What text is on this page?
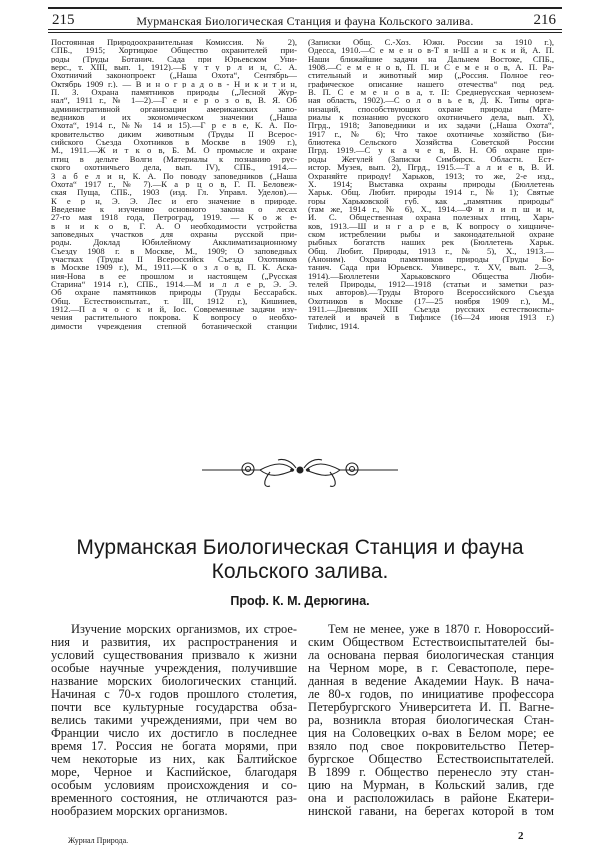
215	Мурманская Биологическая Станция и фауна Кольского залива.	216
Постоянная Природоохранительная Комиссия. № 2),
СПБ., 1915; Хортицкое Общество охранителей при-
роды (Труды Ботанич. Сада при Юрьевском Уни-
верс., т. XIII, вып. 1, 1912).—Б у т у р л и н, С. А.
Охотничий законопроект („Наша Охота“, Сентябрь—
Октябрь 1909 г.). — В и н о г р а д о в - Н и к и т и н,
П. З. Охрана памятников природы („Лесной Жур-
нал“, 1911 г., № 1—2).—Г е н е р о з о в, В. Я. Об
административной организации американских запо-
ведников и их экономическом значении („Наша
Охота“, 1914 г., №№ 14 и 15).—Г р е в е, К. А. По-
кровительство диким животным (Труды II Всерос-
сийского Съезда Охотников в Москве в 1909 г.),
М., 1911.—Ж и т к о в, Б. М. О промысле и охране
птиц в дельте Волги (Материалы к познанию рус-
ского охотничьего дела, вып. IV), СПБ., 1914.—
З а б е л и н, К. А. По поводу заповедников („Наша
Охота“ 1917 г., № 7).—К а р ц о в, Г. П. Беловеж-
ская Пуща, СПБ., 1903 (изд. Гл. Управл. Уделов).—
К е р н, Э. Э. Лес и его значение в природе.
Введение к изучению основного закона о лесах
27-го мая 1918 года, Петроград, 1919. — К о ж е-
в н и к о в, Г. А. О необходимости устройства
заповедных участков для охраны русской при-
роды. Доклад Юбилейному Акклиматизационному
Съезду 1908 г. в Москве, М., 1909; О заповедных
участках (Труды II Всероссийск Съезда Охотников
в Москве 1909 г.), М., 1911.—К о з л о в, П. К. Аска-
ния-Нова в ее прошлом и настоящем („Русская
Старина“ 1914 г.), СПБ., 1914.—М и л л е р, Э. Э.
Об охране памятников природы (Труды Бессарабск.
Общ. Естествоиспытат., т. III, 1912 г.), Кишинев,
1912.—П а ч о с к и й, Іос. Современные задачи изу-
чения растительного покрова. К вопросу о необхо-
димости учреждения степной ботанической станции
(Записки Общ. С.-Хоз. Южн. России за 1910 г.),
Одесса, 1910.—С е м е н о в-Т я н-Ш а н с к и й, А. П.
Наши ближайшие задачи на Дальнем Востоке, СПБ.,
1908.—С е м е н о в, П. П. и С е м е н о в, А. П. Ра-
стительный и животный мир („Россия. Полное гео-
графическое описание нашего отечества“ под ред.
В. П. С е м е н о в а, т. II: Среднерусская чернозем-
ная область, 1902).—С о л о в ь е в, Д. К. Типы орга-
низаций, способствующих охране природы (Мате-
риалы к познанию русского охотничьего дела, вып. X),
Пгрд., 1918; Заповедники и их задачи („Наша Охота“,
1917 г., № 6); Что такое охотничье хозяйство (Би-
блиотека Сельского Хозяйства Советской России
Пгрд. 1919.—С у к а ч е в, В. Н. Об охране при-
роды Жегулей (Записки Симбирск. Областн. Ест-
истор. Музея, вып. 2), Пгрд., 1915.—Т а л и е в, В. И.
Охраняйте природу! Харьков, 1913; то же, 2-е изд.,
Х. 1914; Выставка охраны природы (Бюллетень
Харьк. Общ. Любит. природы 1914 г., № 1); Святые
горы Харьковской губ. как „памятник природы“
(там же, 1914 г., № 6), Х., 1914.—Ф и л и п ш и н,
И. С. Общественная охрана полезных птиц, Харь-
ков, 1913.—Ш и н г а р е в, К вопросу о хищниче-
ском истреблении рыбы и законодательной охране
рыбных богатств наших рек (Бюллетень Харьк.
Общ. Любит. Природы, 1913 г., № 5), Х., 1913.—
(Аноним). Охрана памятников природы (Труды Бо-
танич. Сада при Юрьевск. Универс., т. XV, вып. 2—3,
1914).—Бюллетени Харьковского Общества Люби-
телей Природы, 1912—1918 (статьи и заметки раз-
ных авторов).—Труды Второго Всероссийского Съезда
Охотников в Москве (17—25 ноября 1909 г.), М.,
1911.—Дневник XIII Съезда русских естествоиспы-
тателей и врачей в Тифлисе (16—24 июня 1913 г.)
Тифлис, 1914.
Мурманская Биологическая Станция и фауна
Кольского залива.
Проф. К. М. Дерюгина.
Изучение морских организмов, их строе-
ния и развития, их распространения и
условий существования призвало к жизни
особые научные учреждения, получившие
название морских биологических станций.
Начиная с 70-х годов прошлого столетия,
почти все культурные государства обза-
велись такими учреждениями, при чем во
Франции число их достигло в последнее
время 17. Россия не богата морями, при
чем некоторые из них, как Балтийское
море, Черное и Каспийское, благодаря
особым условиям происхождения и со-
временного состояния, не отличаются раз-
нообразием морских организмов.
Тем не менее, уже в 1870 г. Новороссий-
ским Обществом Естествоиспытателей бы-
ла основана первая биологическая станция
на Черном море, в г. Севастополе, пере-
данная в ведение Академии Наук. В нача-
ле 80-х годов, по инициативе профессора
Петербургского Университета И. П. Вагне-
ра, возникла вторая биологическая Стан-
ция на Соловецких о-вах в Белом море; ее
взяло под свое покровительство Петер-
бургское Общество Естествоиспытателей.
В 1899 г. Общество перенесло эту стан-
цию на Мурман, в Кольский залив, где
она и расположилась в районе Екатери-
нинской гавани, на берегах которой в том
Журнал Природа.	2
